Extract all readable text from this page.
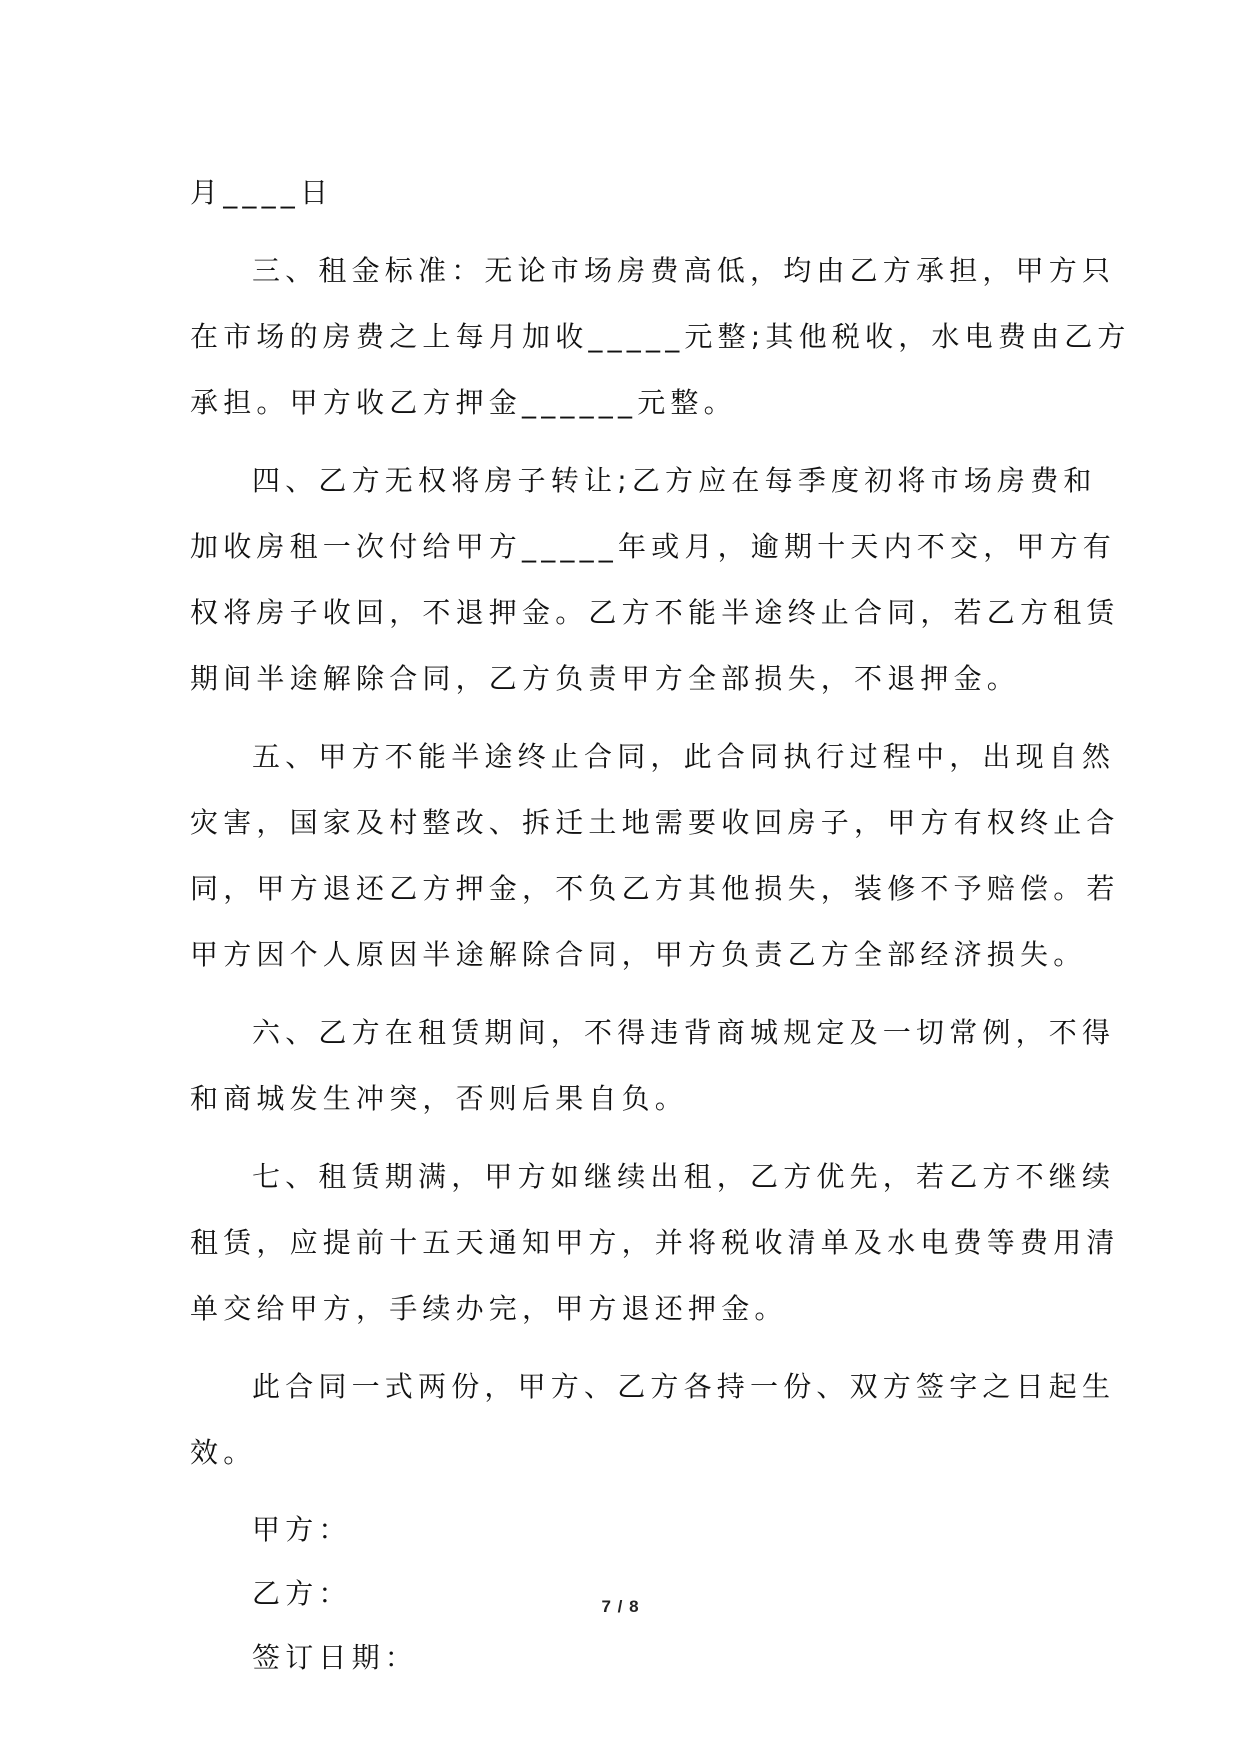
月____日
三、租金标准：无论市场房费高低，均由乙方承担，甲方只
在市场的房费之上每月加收_____元整;其他税收，水电费由乙方
承担。甲方收乙方押金______元整。
四、乙方无权将房子转让;乙方应在每季度初将市场房费和
加收房租一次付给甲方_____年或月，逾期十天内不交，甲方有
权将房子收回，不退押金。乙方不能半途终止合同，若乙方租赁
期间半途解除合同，乙方负责甲方全部损失，不退押金。
五、甲方不能半途终止合同，此合同执行过程中，出现自然
灾害，国家及村整改、拆迁土地需要收回房子，甲方有权终止合
同，甲方退还乙方押金，不负乙方其他损失，装修不予赔偿。若
甲方因个人原因半途解除合同，甲方负责乙方全部经济损失。
六、乙方在租赁期间，不得违背商城规定及一切常例，不得
和商城发生冲突，否则后果自负。
七、租赁期满，甲方如继续出租，乙方优先，若乙方不继续
租赁，应提前十五天通知甲方，并将税收清单及水电费等费用清
单交给甲方，手续办完，甲方退还押金。
此合同一式两份，甲方、乙方各持一份、双方签字之日起生
效。
甲方：
乙方：
签订日期：
7 / 8
